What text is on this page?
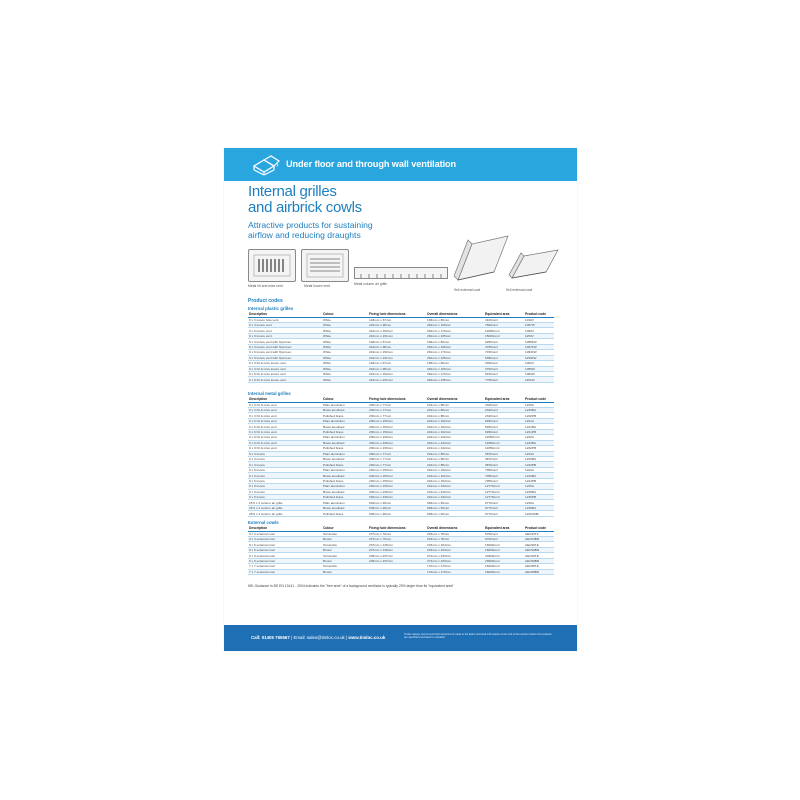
› Under floor and through wall ventilation
Internal grilles
and airbrick cowls
Attractive products for sustaining
airflow and reducing draughts
Metal hit and miss vent	Metal louvre vent	Metal column air grille
9x6 external cowl	9x3 external cowl
Product codes
Internal plastic grilles
Description	Colour	Fixing hole dimensions	Overall dimensions	Equivalent area	Product code
9 x 3 louvre hole vent	White	148mm x 67mm	168mm x 80mm	4100mm²	1010V
9 x 3 louvre vent	White	242mm x 98mm	262mm x 106mm	7600mm²	1067W
9 x 6 louvre vent	White	242mm x 152mm	262mm x 170mm	11800mm²	1093V
9 x 9 louvre vent	White	242mm x 231mm	262mm x 235mm	15000mm²	1153V
9 x 3 louvre vent with flyscreen	White	148mm x 67mm	168mm x 80mm	2250mm²	1058FW
9 x 3 louvre vent with flyscreen	White	242mm x 98mm	262mm x 106mm	3750mm²	1067FW
9 x 6 louvre vent with flyscreen	White	242mm x 152mm	262mm x 170mm	7150mm²	1093FW
9 x 9 louvre vent with flyscreen	White	242mm x 231mm	262mm x 235mm	9350mm²	1153FW
6 x 3 hit & miss louvre vent	White	148mm x 67mm	168mm x 80mm	2450mm²	1063V
9 x 3 hit & miss louvre vent	White	242mm x 98mm	262mm x 106mm	3700mm²	1055W
9 x 6 hit & miss louvre vent	White	242mm x 152mm	262mm x 170mm	6150mm²	1083W
9 x 9 hit & miss louvre vent	White	242mm x 231mm	262mm x 235mm	7750mm²	1161W
Internal metal grilles
Description	Colour	Fixing hole dimensions	Overall dimensions	Equivalent area	Product code
9 x 3 hit & miss vent	Plain aluminium	230mm x 77mm	242mm x 88mm	2340mm²	1220A
9 x 3 hit & miss vent	Brass anodised	230mm x 77mm	242mm x 88mm	2340mm²	1220BA
9 x 3 hit & miss vent	Polished brass	230mm x 77mm	242mm x 88mm	2340mm²	1220PB
9 x 6 hit & miss vent	Plain aluminium	230mm x 150mm	242mm x 162mm	6450mm²	1221A
9 x 6 hit & miss vent	Brass anodised	230mm x 150mm	242mm x 162mm	6450mm²	1221BA
9 x 6 hit & miss vent	Polished brass	230mm x 150mm	242mm x 162mm	6450mm²	1221PB
9 x 9 hit & miss vent	Plain aluminium	230mm x 230mm	242mm x 242mm	11050mm²	1222A
9 x 9 hit & miss vent	Brass anodised	230mm x 230mm	242mm x 242mm	11050mm²	1222BA
9 x 9 hit & miss vent	Polished brass	230mm x 230mm	242mm x 242mm	11050mm²	1222PB
9 x 3 louvre	Plain aluminium	230mm x 77mm	242mm x 88mm	3870mm²	1223A
9 x 3 louvre	Brass anodised	230mm x 77mm	242mm x 88mm	3870mm²	1223BA
9 x 3 louvre	Polished brass	230mm x 77mm	242mm x 88mm	3870mm²	1223PB
9 x 6 louvre	Plain aluminium	230mm x 150mm	242mm x 162mm	7956mm²	1224A
9 x 6 louvre	Brass anodised	230mm x 150mm	242mm x 162mm	7956mm²	1224BA
9 x 6 louvre	Polished brass	230mm x 150mm	242mm x 162mm	7956mm²	1224PB
9 x 9 louvre	Plain aluminium	230mm x 230mm	242mm x 242mm	12770mm²	1225A
9 x 9 louvre	Brass anodised	230mm x 230mm	242mm x 242mm	12770mm²	1225BA
9 x 9 louvre	Polished brass	230mm x 230mm	242mm x 242mm	12770mm²	1225PB
25.5 x 3 column air grille	Plain aluminium	636mm x 48mm	648mm x 60mm	9770mm²	1226A
25.5 x 3 column air grille	Brass anodised	636mm x 48mm	648mm x 60mm	9770mm²	1226BA
25.5 x 3 column air grille	Polished brass	636mm x 48mm	648mm x 60mm	9770mm²	1226AMB
External cowls
Description	Colour	Fixing hole dimensions	Overall dimensions	Equivalent area	Product code
9 x 3 external cowl	Terracotta	237mm x 76mm	233mm x 78mm	6700mm²	AEC93TF
9 x 3 external cowl	Brown	237mm x 76mm	233mm x 78mm	6700mm²	AEC93BR
9 x 6 external cowl	Terracotta	237mm x 136mm	233mm x 164mm	16000mm²	AEC96TE
9 x 6 external cowl	Brown	237mm x 136mm	233mm x 164mm	16000mm²	AEC96BR
9 x 9 external cowl	Terracotta	236mm x 237mm	274mm x 233mm	23960mm²	AEC99TE
9 x 9 external cowl	Brown	236mm x 237mm	274mm x 233mm	23960mm²	AEC99BR
7 x 7 external cowl	Terracotta		170mm x 170mm	16000mm²	AEC88TE
7 x 7 external cowl	Brown		170mm x 170mm	16000mm²	AEC88BR
NB: Guidance in BS EN 13141 - 2004 indicates the "free area" of a background ventilator is typically 25% larger than its "equivalent area"
Call: 01405 765567 | Email: sales@timloc.co.uk | www.timloc.co.uk
Timloc always recommend that reference is made to the latest technical information at the end of this section before the products are specified purchased or installed
